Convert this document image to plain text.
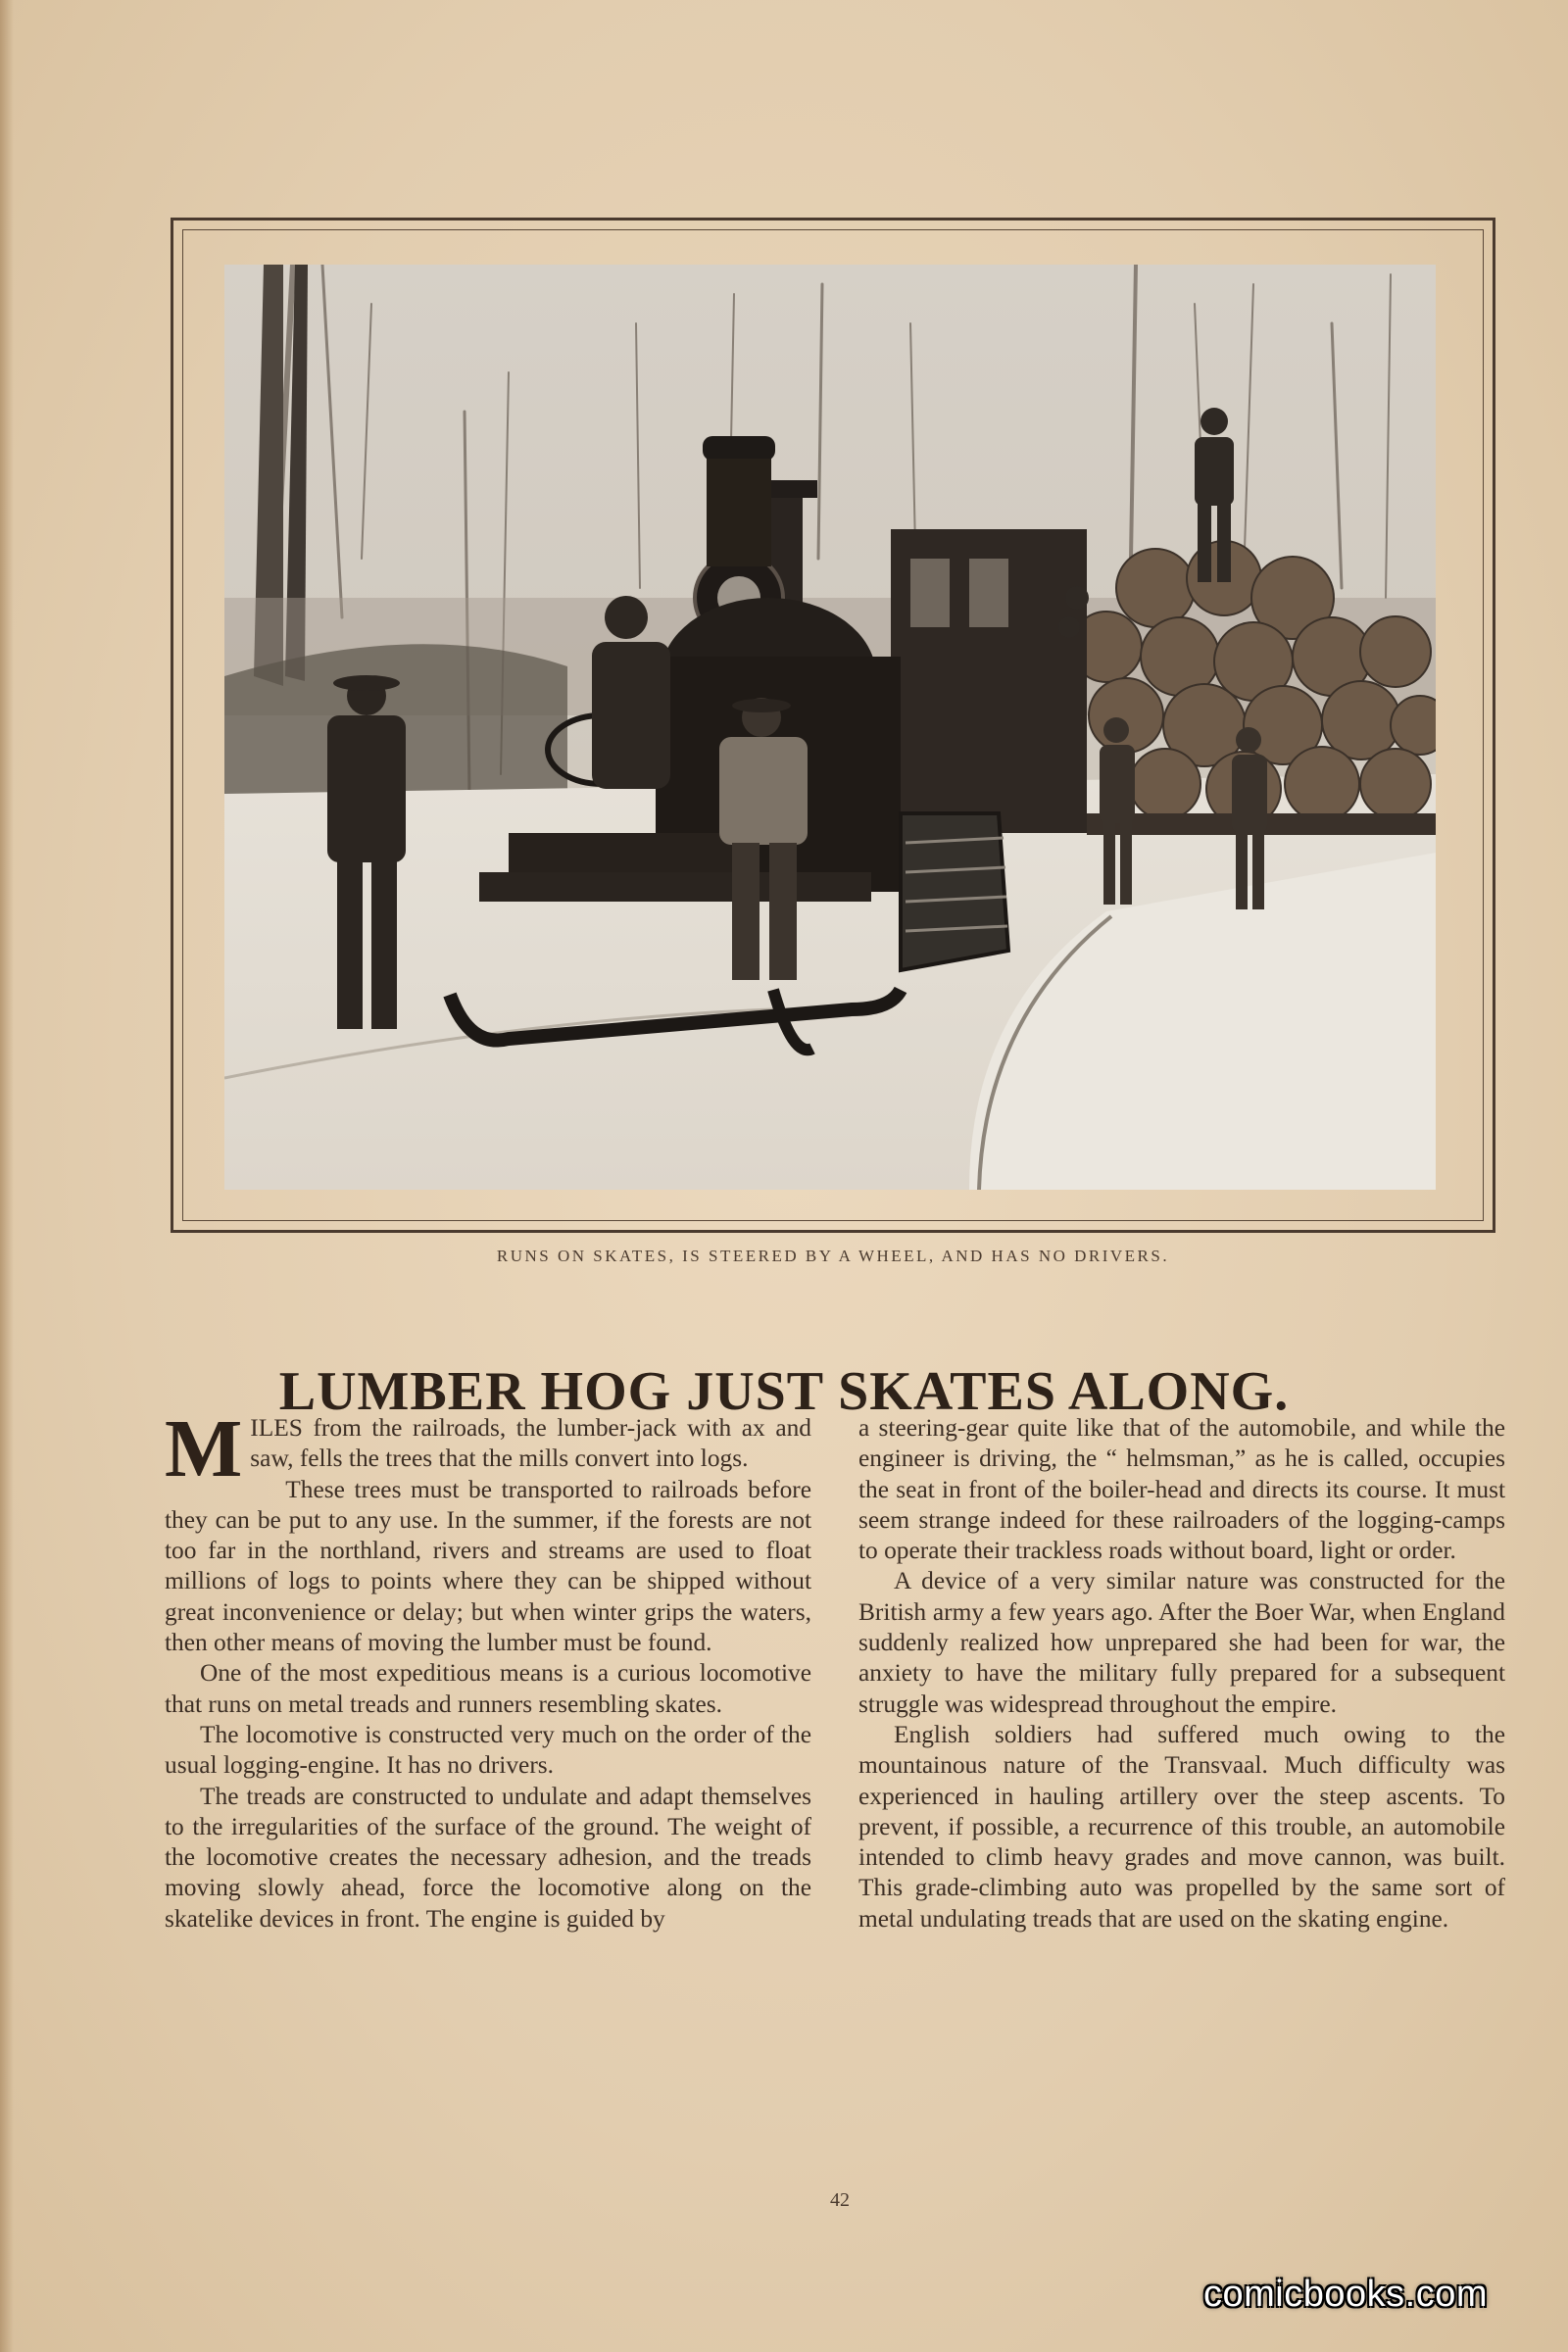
RUNS ON SKATES, IS STEERED BY A WHEEL, AND HAS NO DRIVERS.
LUMBER HOG JUST SKATES ALONG.

MILES from the railroads, the lumber-jack with ax and saw, fells the trees that the mills convert into logs.

These trees must be transported to railroads before they can be put to any use. In the summer, if the forests are not too far in the northland, rivers and streams are used to float millions of logs to points where they can be shipped without great inconvenience or delay; but when winter grips the waters, then other means of moving the lumber must be found.

One of the most expeditious means is a curious locomotive that runs on metal treads and runners resembling skates.

The locomotive is constructed very much on the order of the usual logging-engine. It has no drivers.

The treads are constructed to undulate and adapt themselves to the irregularities of the surface of the ground. The weight of the locomotive creates the necessary adhesion, and the treads moving slowly ahead, force the locomotive along on the skatelike devices in front. The engine is guided by

a steering-gear quite like that of the automobile, and while the engineer is driving, the “ helmsman,” as he is called, occupies the seat in front of the boiler-head and directs its course. It must seem strange indeed for these railroaders of the logging-camps to operate their trackless roads without board, light or order.

A device of a very similar nature was constructed for the British army a few years ago. After the Boer War, when England suddenly realized how unprepared she had been for war, the anxiety to have the military fully prepared for a subsequent struggle was widespread throughout the empire.

English soldiers had suffered much owing to the mountainous nature of the Transvaal. Much difficulty was experienced in hauling artillery over the steep ascents. To prevent, if possible, a recurrence of this trouble, an automobile intended to climb heavy grades and move cannon, was built. This grade-climbing auto was propelled by the same sort of metal undulating treads that are used on the skating engine.

42
comicbooks.com
